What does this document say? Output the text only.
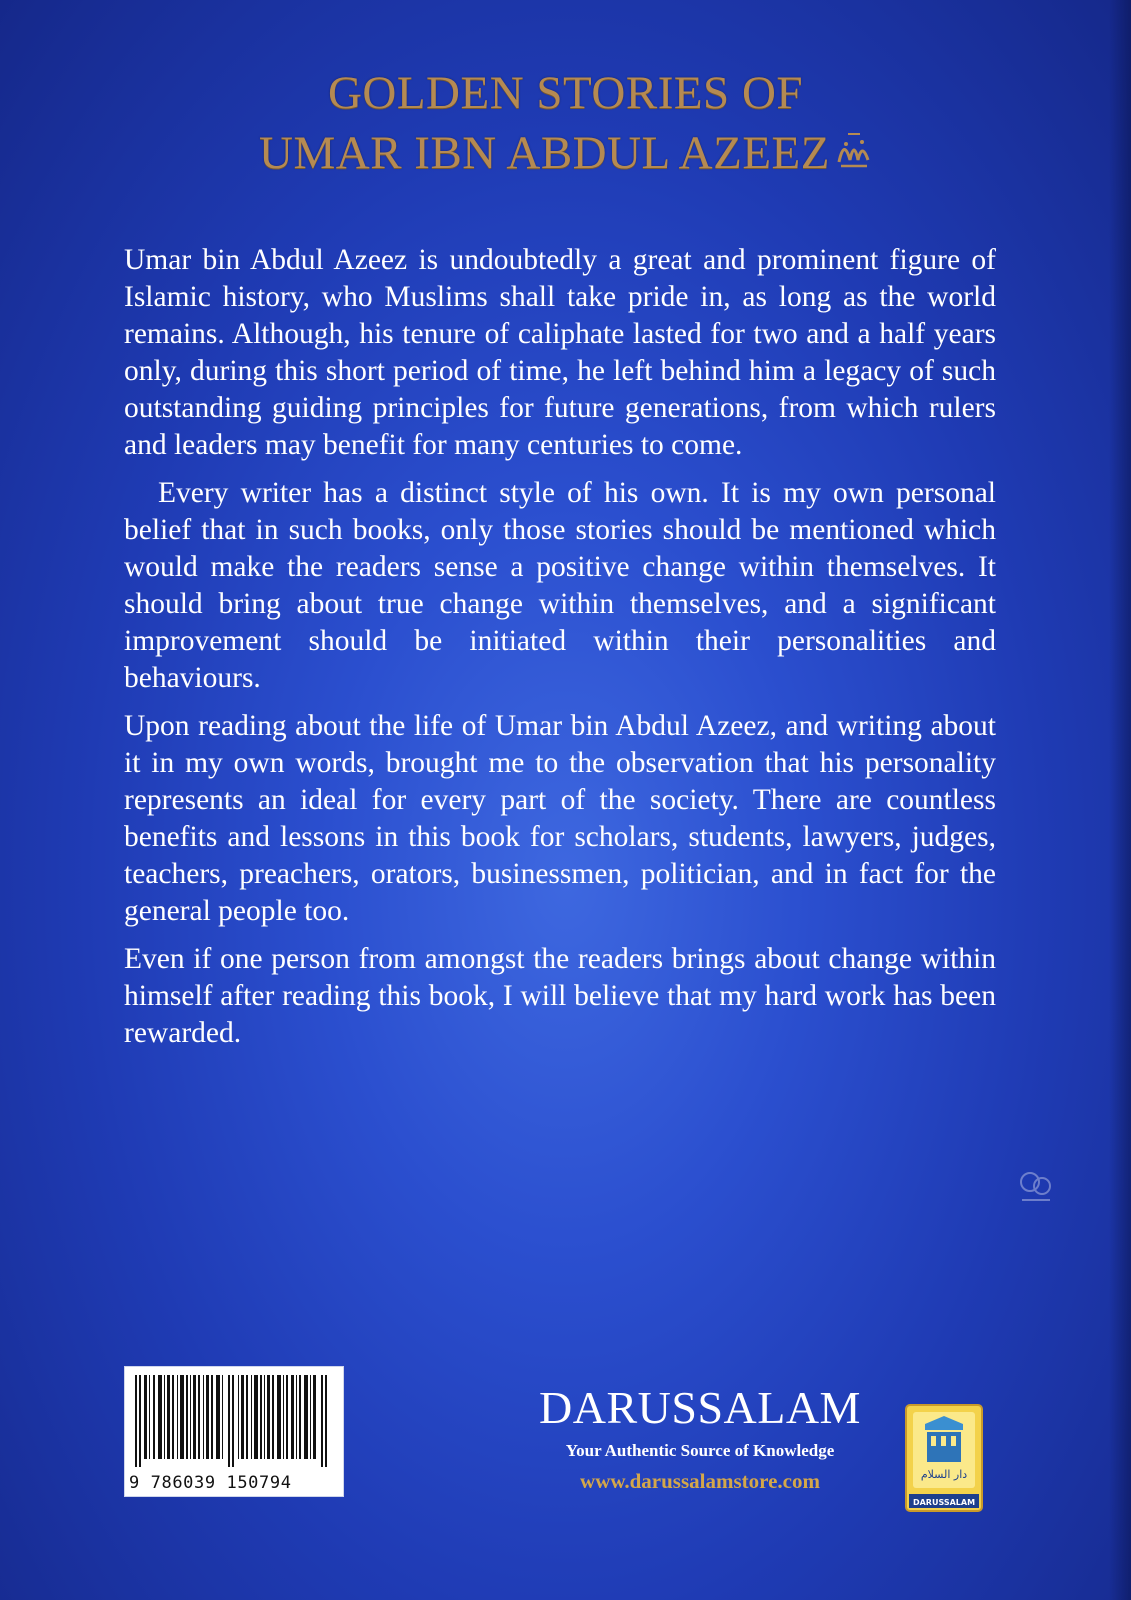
GOLDEN STORIES OF
UMAR IBN ABDUL AZEEZ

Umar bin Abdul Azeez is undoubtedly a great and prominent figure of Islamic history, who Muslims shall take pride in, as long as the world remains. Although, his tenure of caliphate lasted for two and a half years only, during this short period of time, he left behind him a legacy of such outstanding guiding principles for future generations, from which rulers and leaders may benefit for many centuries to come.

Every writer has a distinct style of his own. It is my own personal belief that in such books, only those stories should be mentioned which would make the readers sense a positive change within themselves. It should bring about true change within themselves, and a significant improvement should be initiated within their personalities and behaviours.

Upon reading about the life of Umar bin Abdul Azeez, and writing about it in my own words, brought me to the observation that his personality represents an ideal for every part of the society. There are countless benefits and lessons in this book for scholars, students, lawyers, judges, teachers, preachers, orators, businessmen, politician, and in fact for the general people too.

Even if one person from amongst the readers brings about change within himself after reading this book, I will believe that my hard work has been rewarded.

9 786039 150794
DARUSSALAM
Your Authentic Source of Knowledge
www.darussalamstore.com	دار السلام
DARUSSALAM
